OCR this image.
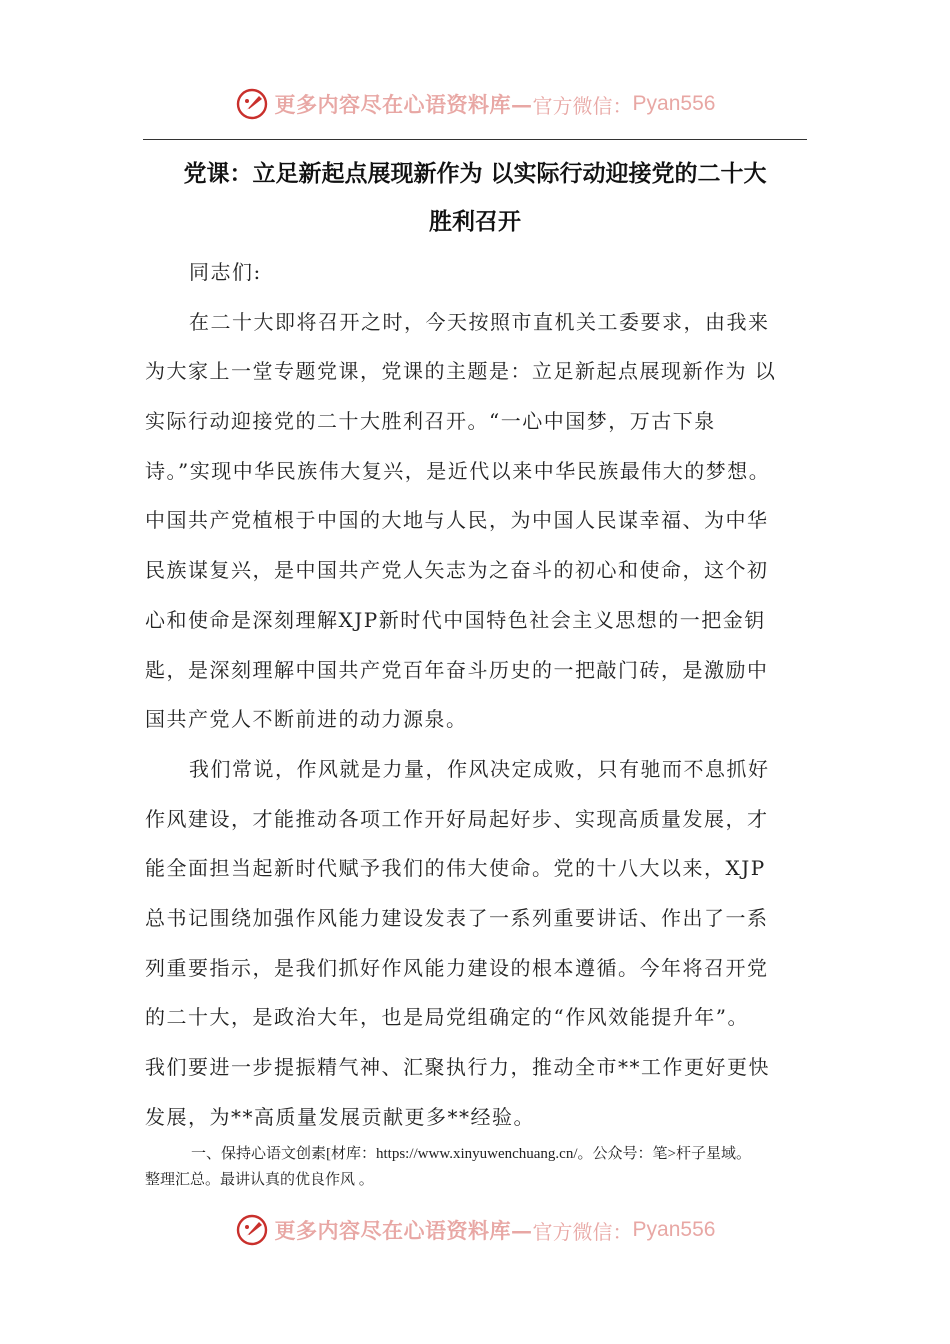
更多内容尽在心语资料库 — 官方微信： Pyan556
党课：立足新起点展现新作为 以实际行动迎接党的二十大
胜利召开
同志们:
在二十大即将召开之时，今天按照市直机关工委要求，由我来
为大家上一堂专题党课，党课的主题是：立足新起点展现新作为 以
实际行动迎接党的二十大胜利召开。“一心中国梦，万古下泉
诗。”实现中华民族伟大复兴，是近代以来中华民族最伟大的梦想。
中国共产党植根于中国的大地与人民，为中国人民谋幸福、为中华
民族谋复兴，是中国共产党人矢志为之奋斗的初心和使命，这个初
心和使命是深刻理解XJP新时代中国特色社会主义思想的一把金钥
匙，是深刻理解中国共产党百年奋斗历史的一把敲门砖，是激励中
国共产党人不断前进的动力源泉。
我们常说，作风就是力量，作风决定成败，只有驰而不息抓好
作风建设，才能推动各项工作开好局起好步、实现高质量发展，才
能全面担当起新时代赋予我们的伟大使命。党的十八大以来，XJP
总书记围绕加强作风能力建设发表了一系列重要讲话、作出了一系
列重要指示，是我们抓好作风能力建设的根本遵循。今年将召开党
的二十大，是政治大年，也是局党组确定的“作风效能提升年”。
我们要进一步提振精气神、汇聚执行力，推动全市**工作更好更快
发展，为**高质量发展贡献更多**经验。
一、保持心语文创素[材库：https://www.xinyuwenchuang.cn/。公众号：笔>杆子星域。
整理汇总。最讲认真的优良作风 。
更多内容尽在心语资料库 — 官方微信： Pyan556
